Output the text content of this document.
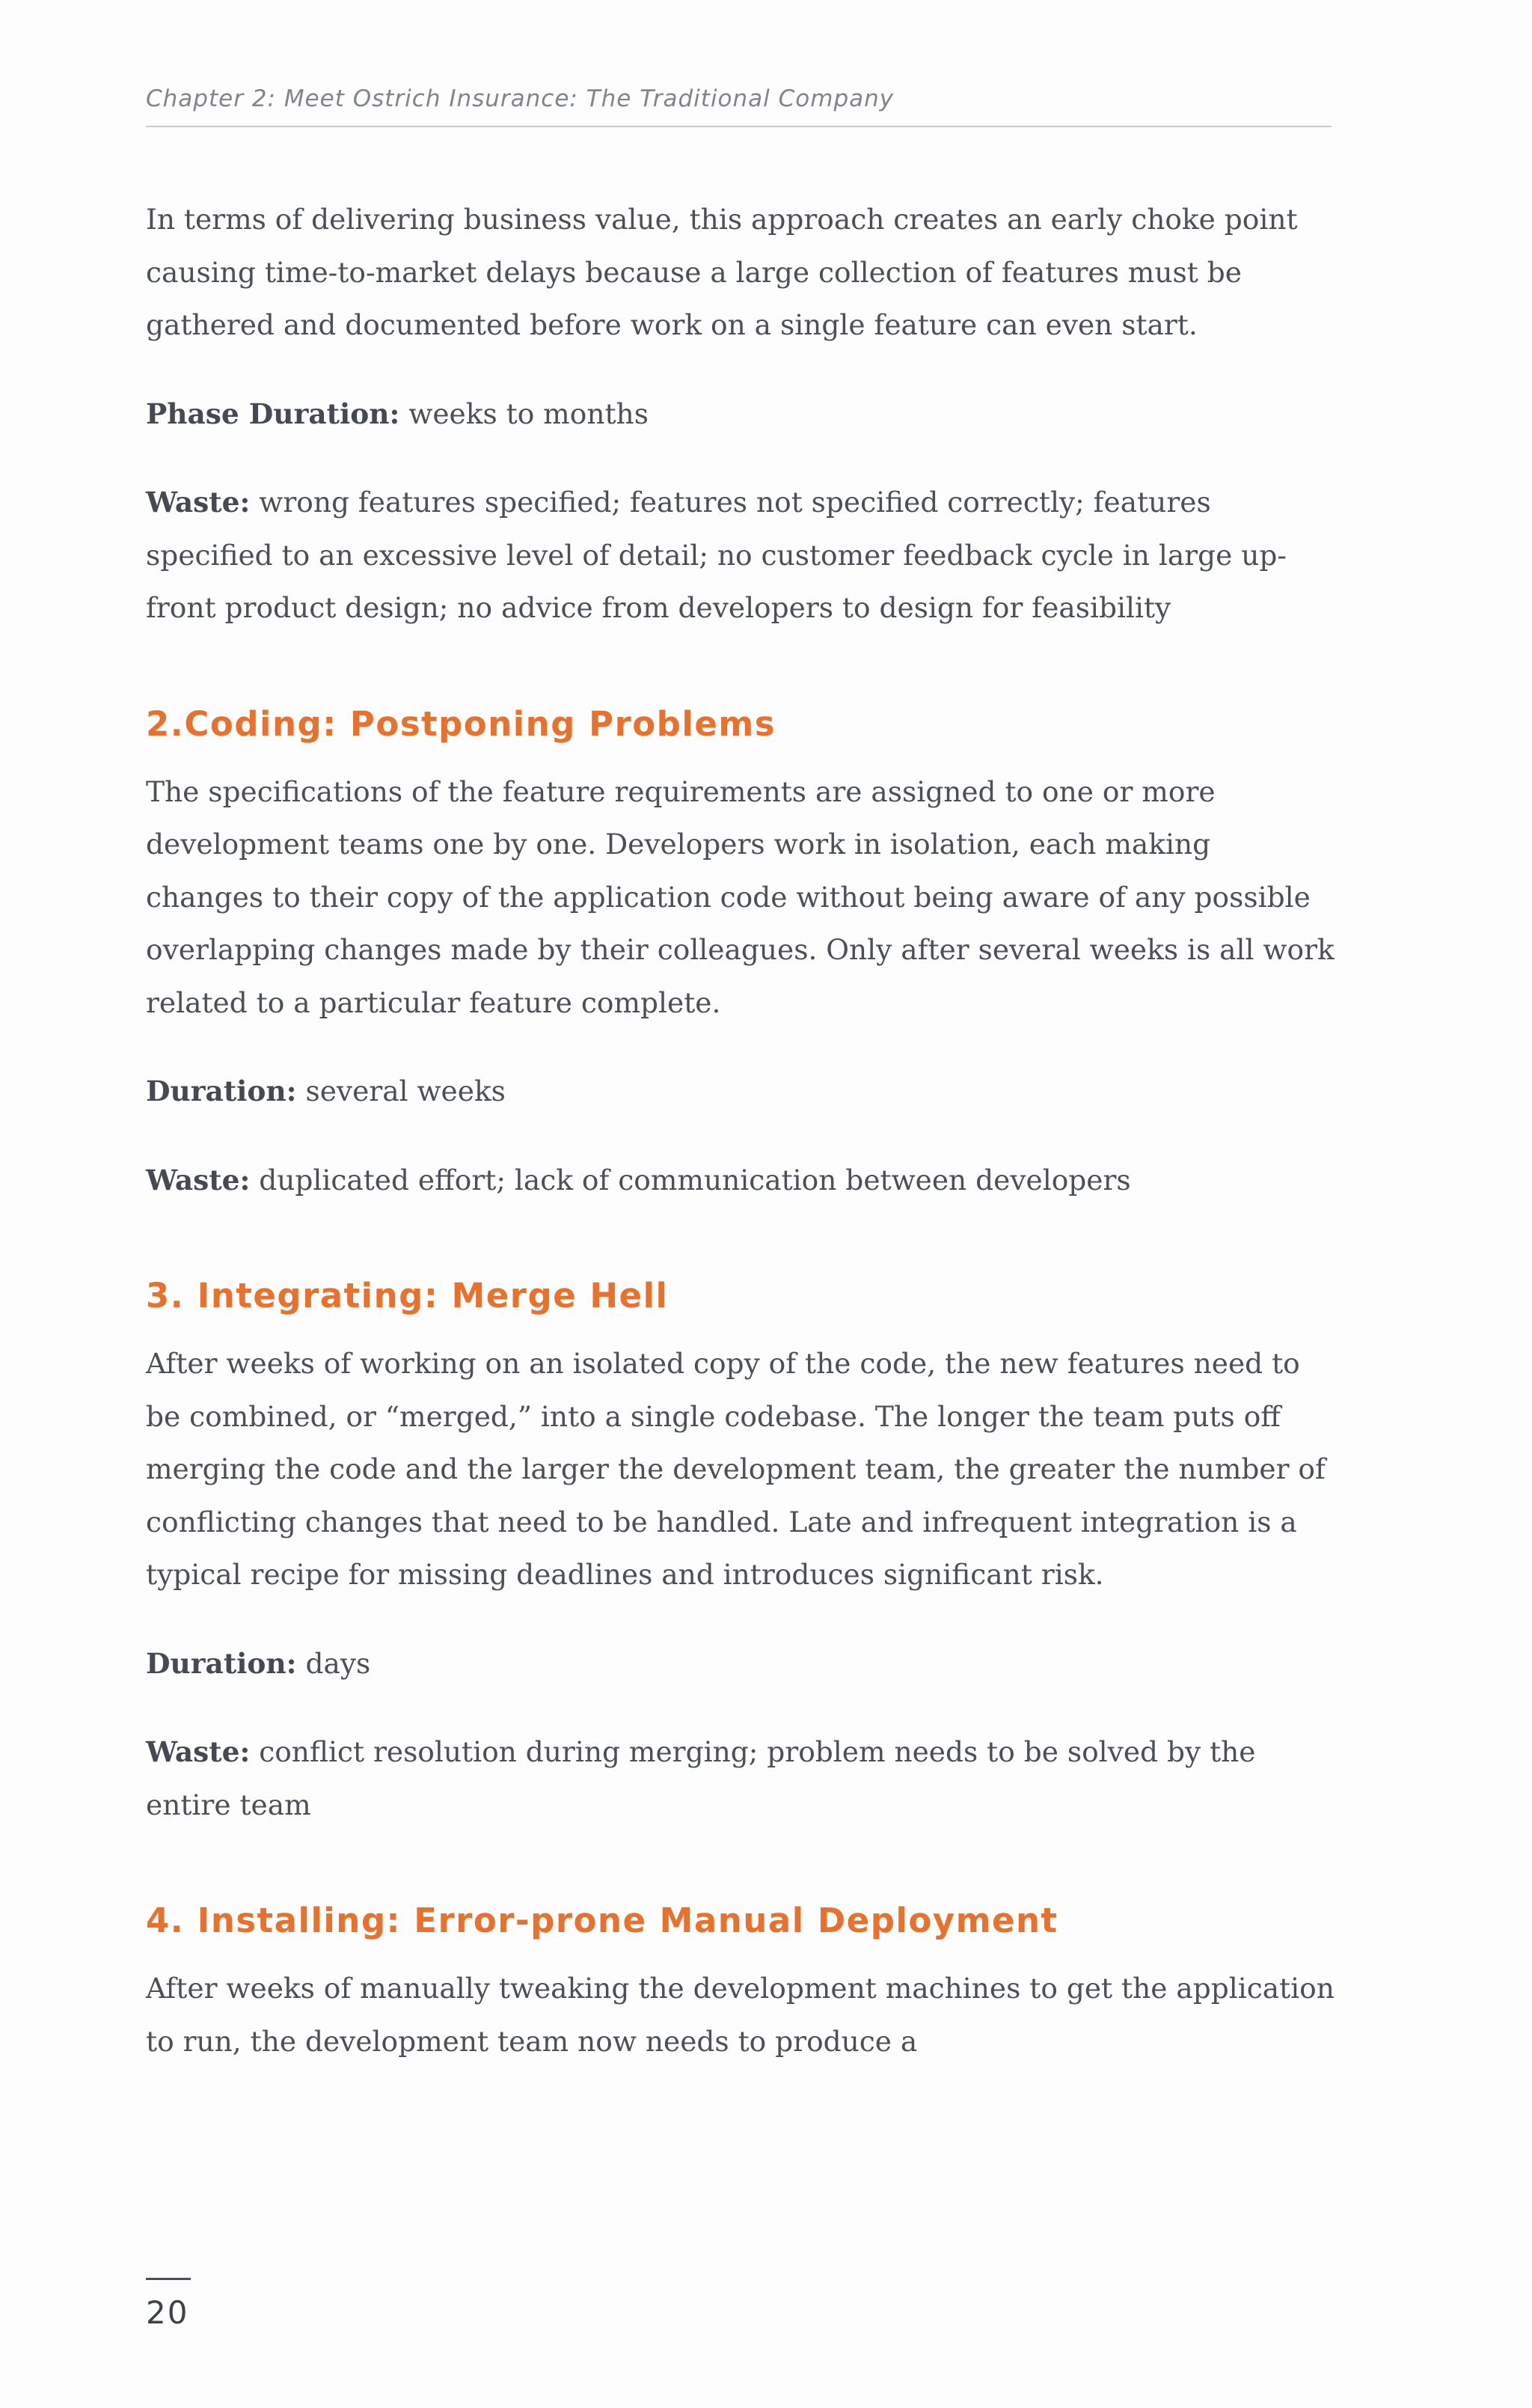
Chapter 2: Meet Ostrich Insurance: The Traditional Company

In terms of delivering business value, this approach creates an early choke point causing time-to-market delays because a large collection of features must be gathered and documented before work on a single feature can even start.

Phase Duration: weeks to months

Waste: wrong features specified; features not specified correctly; features specified to an excessive level of detail; no customer feedback cycle in large up-front product design; no advice from developers to design for feasibility

2.Coding: Postponing Problems

The specifications of the feature requirements are assigned to one or more development teams one by one. Developers work in isolation, each making changes to their copy of the application code without being aware of any possible overlapping changes made by their colleagues. Only after several weeks is all work related to a particular feature complete.

Duration: several weeks

Waste: duplicated effort; lack of communication between developers

3. Integrating: Merge Hell

After weeks of working on an isolated copy of the code, the new features need to be combined, or “merged,” into a single codebase. The longer the team puts off merging the code and the larger the development team, the greater the number of conflicting changes that need to be handled. Late and infrequent integration is a typical recipe for missing deadlines and introduces significant risk.

Duration: days

Waste: conflict resolution during merging; problem needs to be solved by the entire team

4. Installing: Error-prone Manual Deployment

After weeks of manually tweaking the development machines to get the application to run, the development team now needs to produce a

20
